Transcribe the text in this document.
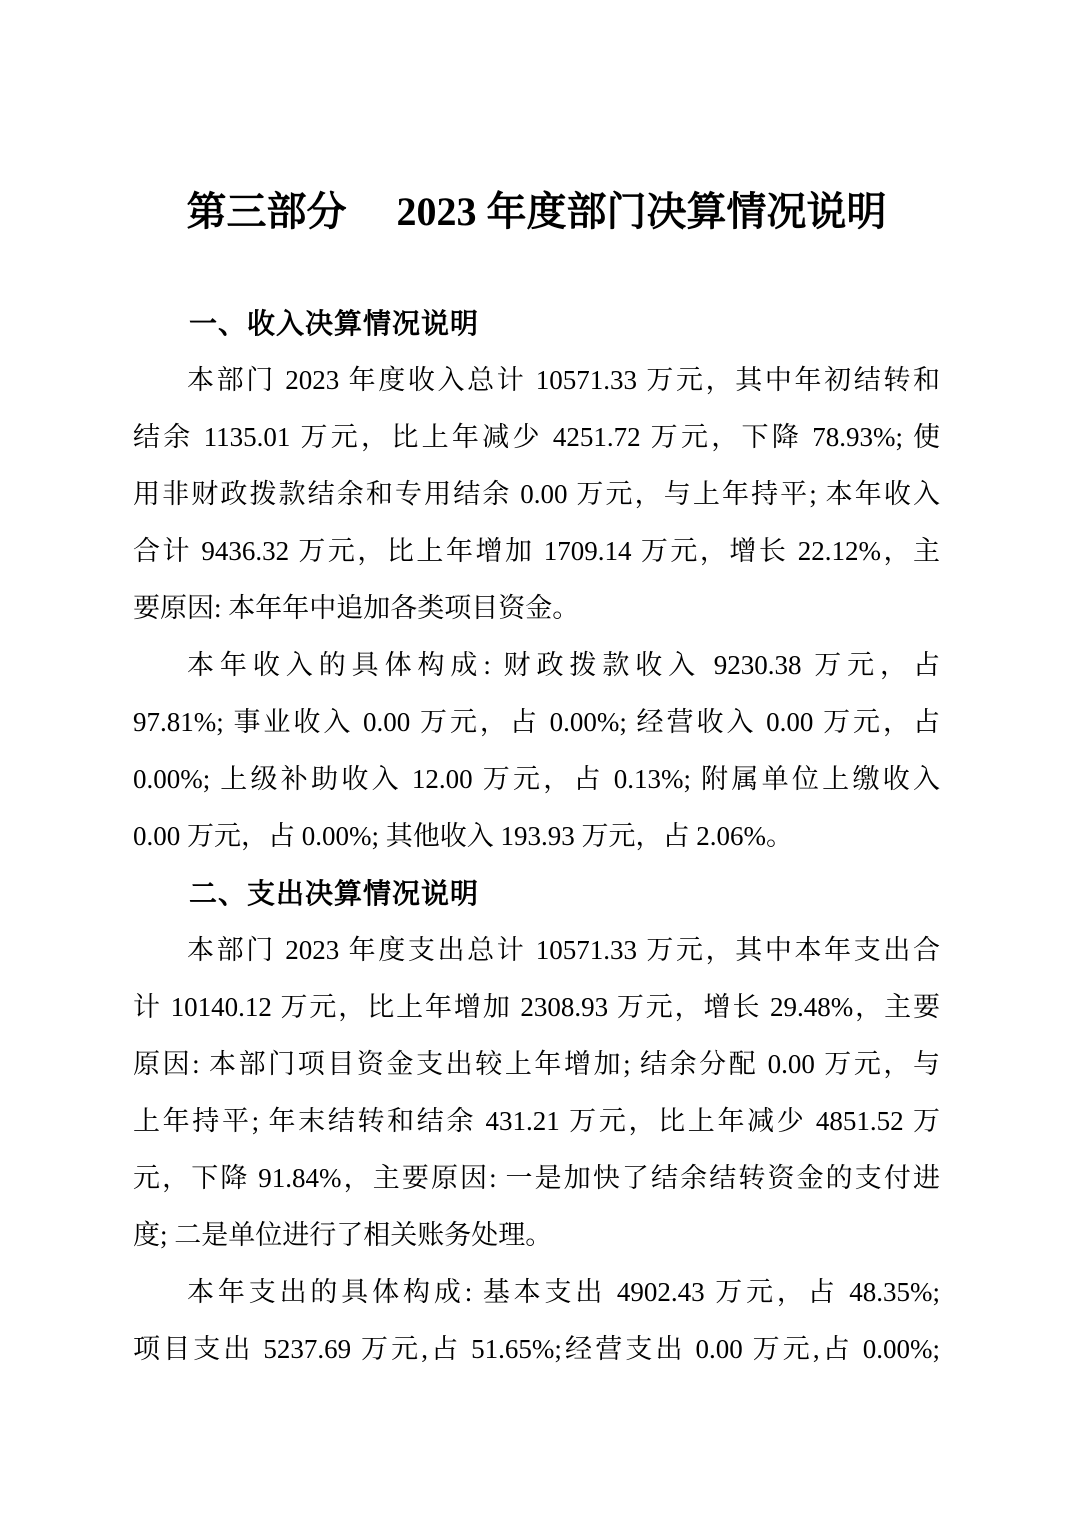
第三部分　 2023 年度部门决算情况说明
一、收入决算情况说明
本部门 2023 年度收入总计 10571.33 万元，其中年初结转和
结余 1135.01 万元，比上年减少 4251.72 万元，下降 78.93%; 使
用非财政拨款结余和专用结余 0.00 万元，与上年持平; 本年收入
合计 9436.32 万元，比上年增加 1709.14 万元，增长 22.12%，主
要原因: 本年年中追加各类项目资金。
本年收入的具体构成: 财政拨款收入 9230.38 万元，占
97.81%; 事业收入 0.00 万元，占 0.00%; 经营收入 0.00 万元，占
0.00%; 上级补助收入 12.00 万元，占 0.13%; 附属单位上缴收入
0.00 万元，占 0.00%; 其他收入 193.93 万元，占 2.06%。
二、支出决算情况说明
本部门 2023 年度支出总计 10571.33 万元，其中本年支出合
计 10140.12 万元，比上年增加 2308.93 万元，增长 29.48%，主要
原因: 本部门项目资金支出较上年增加; 结余分配 0.00 万元，与
上年持平; 年末结转和结余 431.21 万元，比上年减少 4851.52 万
元，下降 91.84%，主要原因: 一是加快了结余结转资金的支付进
度; 二是单位进行了相关账务处理。
本年支出的具体构成: 基本支出 4902.43 万元，占 48.35%;
项目支出 5237.69 万元,占 51.65%;经营支出 0.00 万元,占 0.00%;
